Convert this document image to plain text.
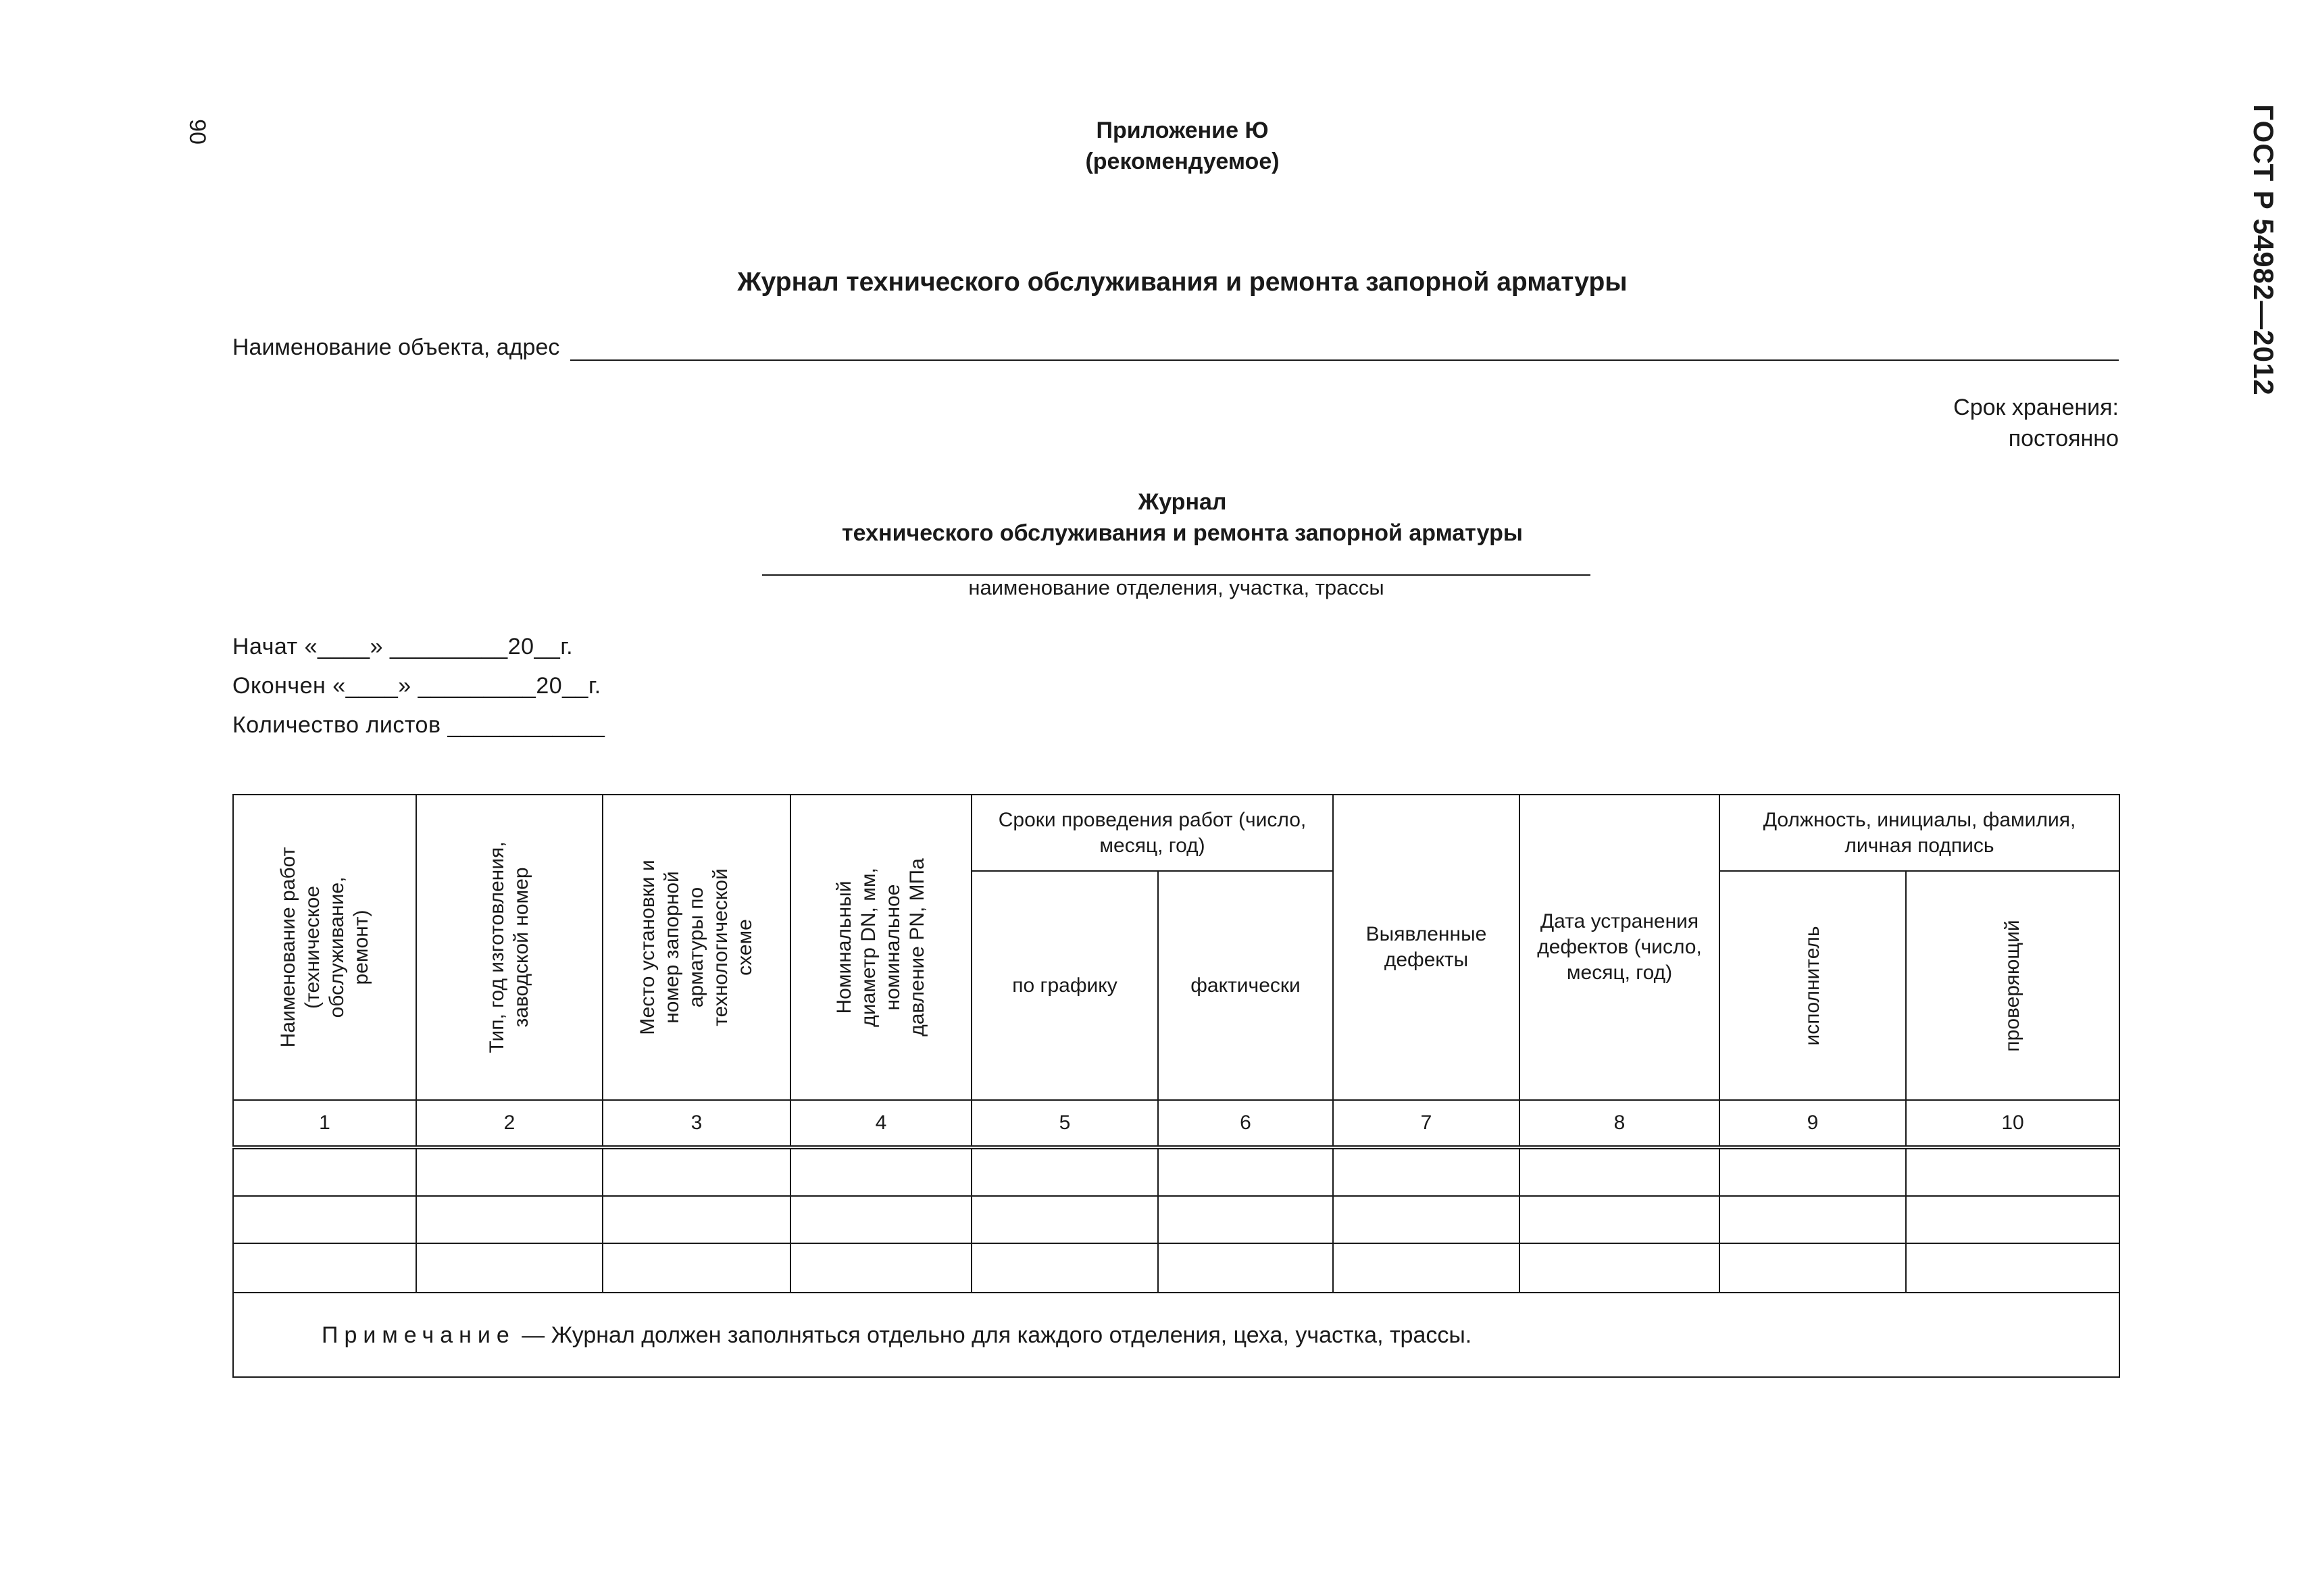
90	ГОСТ Р 54982—2012
Приложение Ю
(рекомендуемое)
Журнал технического обслуживания и ремонта запорной арматуры
Наименование объекта, адрес
Срок хранения:
постоянно
Журнал
технического обслуживания и ремонта запорной арматуры
наименование отделения, участка, трассы
Начат «____» _________20__г.
Окончен «____» _________20__г.
Количество листов ____________
Наименование работ (техническое обслуживание, ремонт)	Тип, год изготовления, заводской номер	Место установки и номер запорной арматуры по технологической схеме	Номинальный диаметр DN, мм, номинальное давление PN, МПа	Сроки проведения работ (число, месяц, год)		Выявленные дефекты	Дата устранения дефектов (число, месяц, год)	Должность, инициалы, фамилия, личная подпись	
				по графику	фактически			исполнитель	проверяющий

1	2	3	4	5	6	7	8	9	10

Примечание — Журнал должен заполняться отдельно для каждого отделения, цеха, участка, трассы.									
